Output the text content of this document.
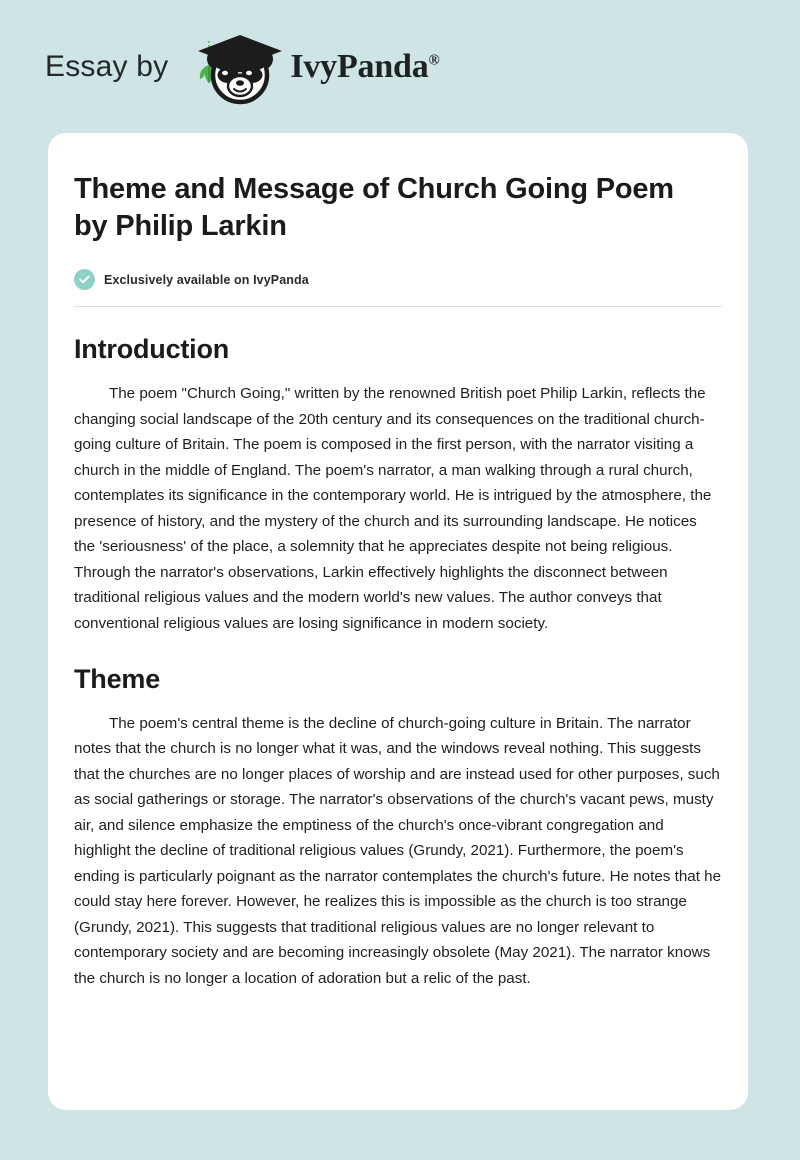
Essay by	IvyPanda®
Theme and Message of Church Going Poem by Philip Larkin
Exclusively available on IvyPanda
Introduction

The poem "Church Going," written by the renowned British poet Philip Larkin, reflects the changing social landscape of the 20th century and its consequences on the traditional church-going culture of Britain. The poem is composed in the first person, with the narrator visiting a church in the middle of England. The poem's narrator, a man walking through a rural church, contemplates its significance in the contemporary world. He is intrigued by the atmosphere, the presence of history, and the mystery of the church and its surrounding landscape. He notices the 'seriousness' of the place, a solemnity that he appreciates despite not being religious. Through the narrator's observations, Larkin effectively highlights the disconnect between traditional religious values and the modern world's new values. The author conveys that conventional religious values are losing significance in modern society.

Theme

The poem's central theme is the decline of church-going culture in Britain. The narrator notes that the church is no longer what it was, and the windows reveal nothing. This suggests that the churches are no longer places of worship and are instead used for other purposes, such as social gatherings or storage. The narrator's observations of the church's vacant pews, musty air, and silence emphasize the emptiness of the church's once-vibrant congregation and highlight the decline of traditional religious values (Grundy, 2021). Furthermore, the poem's ending is particularly poignant as the narrator contemplates the church's future. He notes that he could stay here forever. However, he realizes this is impossible as the church is too strange (Grundy, 2021). This suggests that traditional religious values are no longer relevant to contemporary society and are becoming increasingly obsolete (May 2021). The narrator knows the church is no longer a location of adoration but a relic of the past.
